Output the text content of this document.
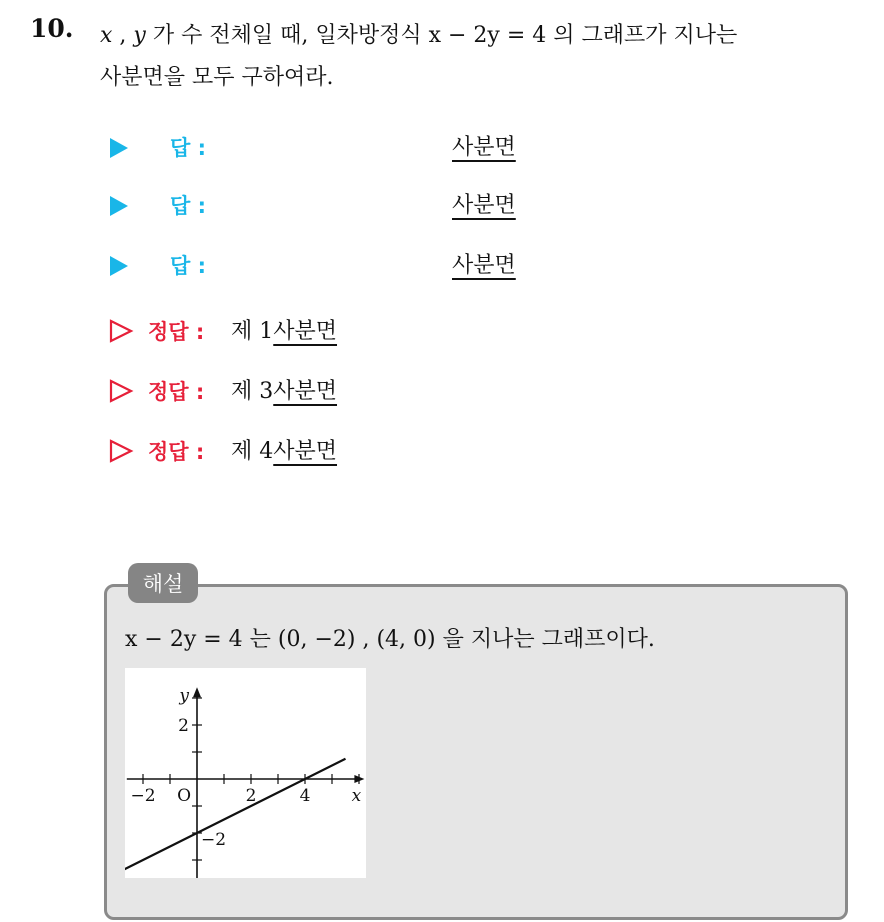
10. x , y 가 수 전체일 때, 일차방정식 x − 2y = 4 의 그래프가 지나는
사분면을 모두 구하여라.
답 :	사분면
답 :	사분면
답 :	사분면
정답 : 제 1사분면
정답 : 제 3사분면
정답 : 제 4사분면
해설
x − 2y = 4 는 (0, −2) , (4, 0) 을 지나는 그래프이다.
−2	2	4
2
−2
O	x
y
